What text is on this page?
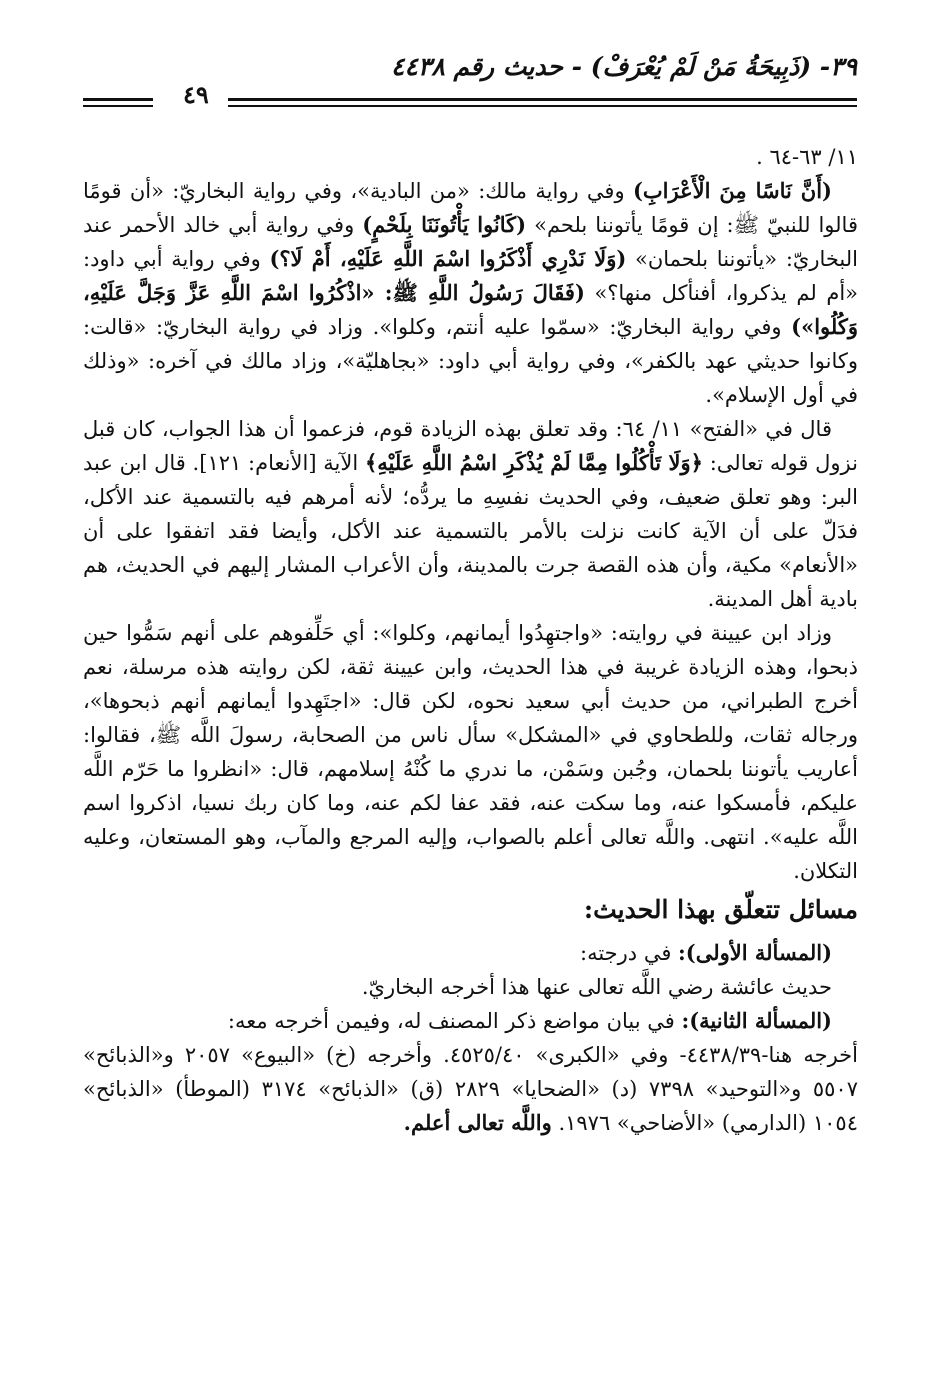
٣٩- (ذَبِيحَةُ مَنْ لَمْ يُعْرَفْ) - حديث رقم ٤٤٣٨
٤٩

١١/ ٦٣-٦٤ .

(أَنَّ نَاسًا مِنَ الْأَعْرَابِ) وفي رواية مالك: «من البادية»، وفي رواية البخاريّ: «أن قومًا قالوا للنبيّ ﷺ: إن قومًا يأتوننا بلحم» (كَانُوا يَأْتُونَنَا بِلَحْمٍ) وفي رواية أبي خالد الأحمر عند البخاريّ: «يأتوننا بلحمان» (وَلَا نَدْرِي أَذْكَرُوا اسْمَ اللَّهِ عَلَيْهِ، أَمْ لَا؟) وفي رواية أبي داود: «أم لم يذكروا، أفنأكل منها؟» (فَقَالَ رَسُولُ اللَّهِ ﷺ: «اذْكُرُوا اسْمَ اللَّهِ عَزَّ وَجَلَّ عَلَيْهِ، وَكُلُوا») وفي رواية البخاريّ: «سمّوا عليه أنتم، وكلوا». وزاد في رواية البخاريّ: «قالت: وكانوا حديثي عهد بالكفر»، وفي رواية أبي داود: «بجاهليّة»، وزاد مالك في آخره: «وذلك في أول الإسلام».

قال في «الفتح» ١١/ ٦٤: وقد تعلق بهذه الزيادة قوم، فزعموا أن هذا الجواب، كان قبل نزول قوله تعالى: ﴿وَلَا تَأْكُلُوا مِمَّا لَمْ يُذْكَرِ اسْمُ اللَّهِ عَلَيْهِ﴾ الآية [الأنعام: ١٢١]. قال ابن عبد البر: وهو تعلق ضعيف، وفي الحديث نفسِهِ ما يردُّه؛ لأنه أمرهم فيه بالتسمية عند الأكل، فدَلّ على أن الآية كانت نزلت بالأمر بالتسمية عند الأكل، وأيضا فقد اتفقوا على أن «الأنعام» مكية، وأن هذه القصة جرت بالمدينة، وأن الأعراب المشار إليهم في الحديث، هم بادية أهل المدينة.

وزاد ابن عيينة في روايته: «واجتهِدُوا أيمانهم، وكلوا»: أي حَلِّفوهم على أنهم سَمُّوا حين ذبحوا، وهذه الزيادة غريبة في هذا الحديث، وابن عيينة ثقة، لكن روايته هذه مرسلة، نعم أخرج الطبراني، من حديث أبي سعيد نحوه، لكن قال: «اجتَهِدوا أيمانهم أنهم ذبحوها»، ورجاله ثقات، وللطحاوي في «المشكل» سأل ناس من الصحابة، رسولَ اللَّه ﷺ، فقالوا: أعاريب يأتوننا بلحمان، وجُبن وسَمْن، ما ندري ما كُنْهُ إسلامهم، قال: «انظروا ما حَرّم اللَّه عليكم، فأمسكوا عنه، وما سكت عنه، فقد عفا لكم عنه، وما كان ربك نسيا، اذكروا اسم اللَّه عليه». انتهى. واللَّه تعالى أعلم بالصواب، وإليه المرجع والمآب، وهو المستعان، وعليه التكلان.

مسائل تتعلّق بهذا الحديث:

(المسألة الأولى): في درجته:

حديث عائشة رضي اللَّه تعالى عنها هذا أخرجه البخاريّ.

(المسألة الثانية): في بيان مواضع ذكر المصنف له، وفيمن أخرجه معه:

أخرجه هنا-٤٤٣٨/٣٩- وفي «الكبرى» ٤٥٢٥/٤٠. وأخرجه (خ) «البيوع» ٢٠٥٧ و«الذبائح» ٥٥٠٧ و«التوحيد» ٧٣٩٨ (د) «الضحايا» ٢٨٢٩ (ق) «الذبائح» ٣١٧٤ (الموطأ) «الذبائح» ١٠٥٤ (الدارمي) «الأضاحي» ١٩٧٦. واللَّه تعالى أعلم.
